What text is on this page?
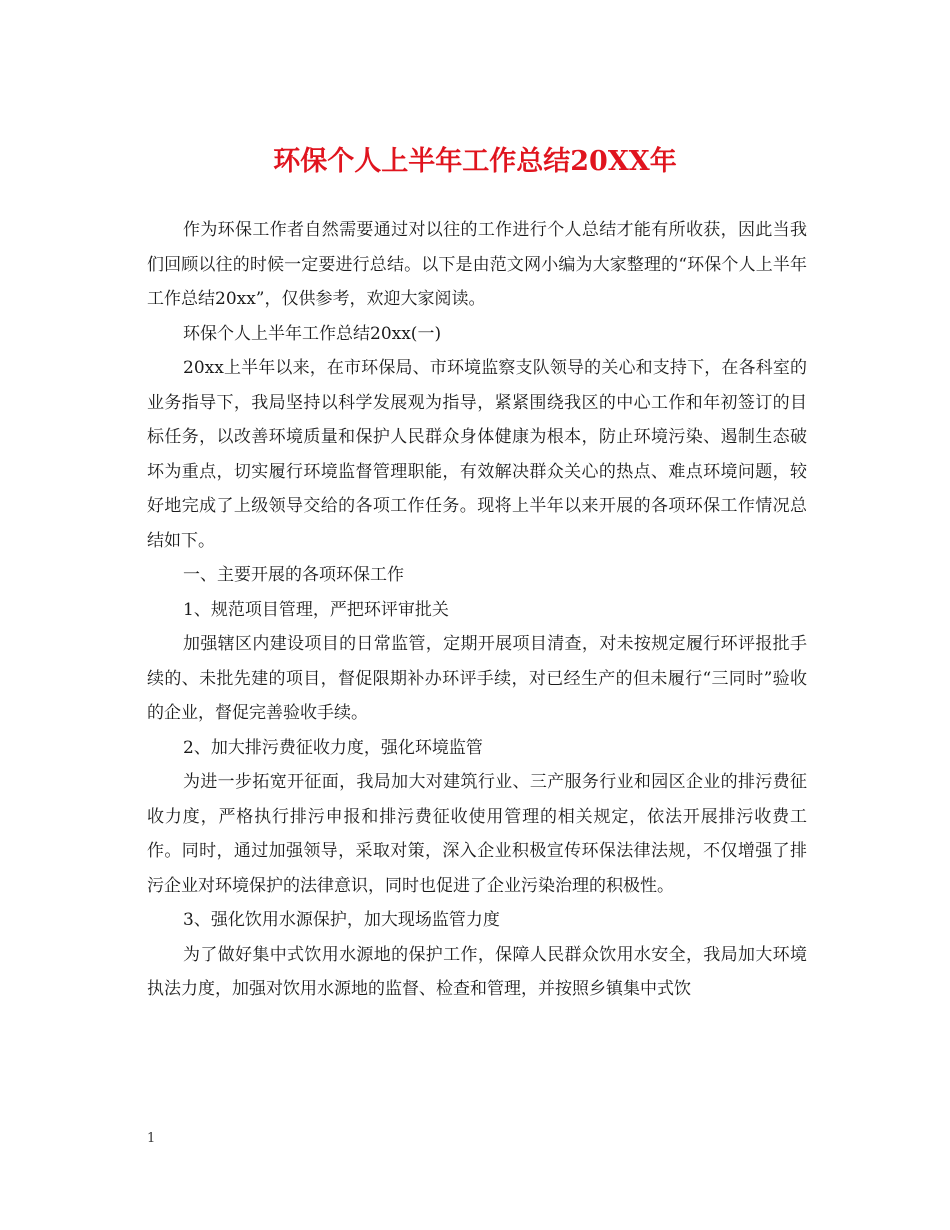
环保个人上半年工作总结20XX年

作为环保工作者自然需要通过对以往的工作进行个人总结才能有所收获，因此当我们回顾以往的时候一定要进行总结。以下是由范文网小编为大家整理的“环保个人上半年工作总结20xx”，仅供参考，欢迎大家阅读。

环保个人上半年工作总结20xx(一)

20xx上半年以来，在市环保局、市环境监察支队领导的关心和支持下，在各科室的业务指导下，我局坚持以科学发展观为指导，紧紧围绕我区的中心工作和年初签订的目标任务，以改善环境质量和保护人民群众身体健康为根本，防止环境污染、遏制生态破坏为重点，切实履行环境监督管理职能，有效解决群众关心的热点、难点环境问题，较好地完成了上级领导交给的各项工作任务。现将上半年以来开展的各项环保工作情况总结如下。

一、主要开展的各项环保工作

1、规范项目管理，严把环评审批关

加强辖区内建设项目的日常监管，定期开展项目清查，对未按规定履行环评报批手续的、未批先建的项目，督促限期补办环评手续，对已经生产的但未履行“三同时”验收的企业，督促完善验收手续。

2、加大排污费征收力度，强化环境监管

为进一步拓宽开征面，我局加大对建筑行业、三产服务行业和园区企业的排污费征收力度，严格执行排污申报和排污费征收使用管理的相关规定，依法开展排污收费工作。同时，通过加强领导，采取对策，深入企业积极宣传环保法律法规，不仅增强了排污企业对环境保护的法律意识，同时也促进了企业污染治理的积极性。

3、强化饮用水源保护，加大现场监管力度

为了做好集中式饮用水源地的保护工作，保障人民群众饮用水安全，我局加大环境执法力度，加强对饮用水源地的监督、检查和管理，并按照乡镇集中式饮

1
